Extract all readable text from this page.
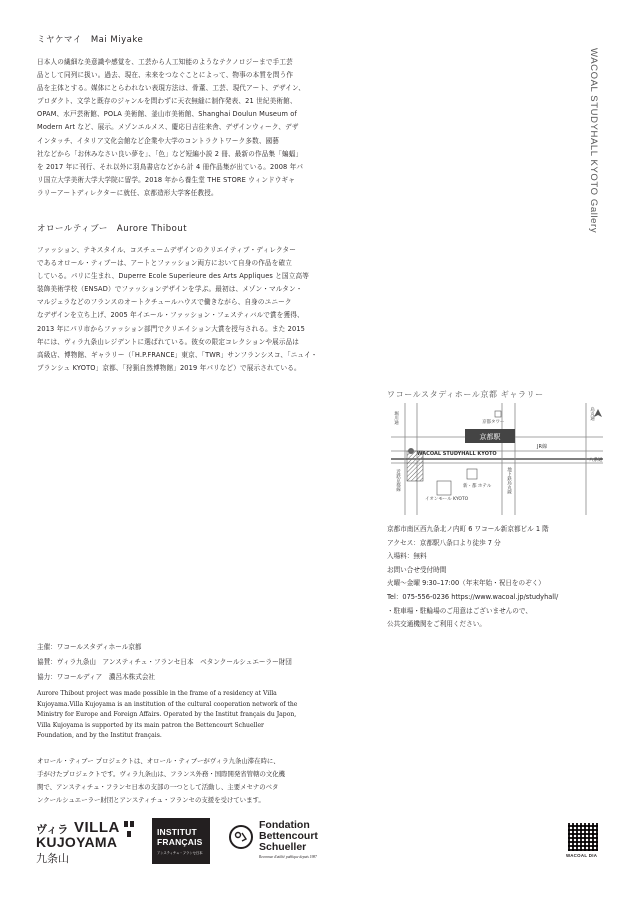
WACOAL STUDYHALL KYOTO Gallery
ミヤケマイ　Mai Miyake
日本人の繊細な美意識や感覚を、工芸から人工知能のようなテクノロジーまで手工芸
品として同列に扱い。過去、現在、未来をつなぐことによって、物事の本質を問う作
品を主体とする。媒体にとらわれない表現方法は、骨董、工芸、現代アート、デザイン、
プロダクト、文学と既存のジャンルを問わずに天衣無縫に制作発表、21 世紀美術館、
OPAM、水戸芸術館、POLA 美術館、釜山市美術館、Shanghai Doulun Museum of
Modern Art など、展示。メゾンエルメス、慶応日吉往来舎、デザインウィーク、デザ
インタッチ、イタリア文化会館など企業や大学のコントラクトワーク多数、國藝
社などから「お休みなさい良い夢を」、「色」など短編小説 2 冊、最新の作品集「蝙蝠」
を 2017 年に刊行、それ以外に羽鳥書店などから計 4 冊作品集が出ている。2008 年パ
リ国立大学美術大学大学院に留学。2018 年から養生堂 THE STORE ウィンドウギャ
ラリーアートディレクターに就任、京都造形大学客任教授。
オロールティブー　Aurore Thibout
ファッション、テキスタイル、コスチュームデザインのクリエイティブ・ディレクター
であるオロール・ティブーは、アートとファッション両方において自身の作品を確立
している。パリに生まれ、Duperre Ecole Superieure des Arts Appliques と国立高等
装飾美術学校（ENSAD）でファッションデザインを学ぶ。最初は、メゾン・マルタン・
マルジェラなどのフランスのオートクチュールハウスで働きながら、自身のユニーク
なデザインを立ち上げ、2005 年イエール・ファッション・フェスティバルで賞を獲得、
2013 年にパリ市からファッション部門でクリエイション大賞を授与される。また 2015
年には、ヴィラ九条山レジデントに選ばれている。彼女の限定コレクションや展示品は
高級店、博物館、ギャラリー（「H.P.FRANCE」東京、「TWR」サンフランシスコ、「ニュイ・
ブランシュ KYOTO」京都、「狩猟自然博物館」2019 年パリなど）で展示されている。
ワコールスタディホール京都 ギャラリー
京都駅
京都タワー
JR線
八条通
WACOAL STUDYHALL KYOTO
イオンモール KYOTO
新・都 ホテル
堀川通
近鉄京都線	地下鉄烏丸線
烏丸通
京都市南区西九条北ノ内町 6 ワコール新京都ビル 1 階
アクセス：京都駅八条口より徒歩 7 分
入場料：無料
お問い合せ受付時間
火曜～金曜 9:30–17:00（年末年始・祝日をのぞく）
Tel：075-556-0236 https://www.wacoal.jp/studyhall/
・駐車場・駐輪場のご用意はございませんので、
公共交通機関をご利用ください。
主催：ワコールスタディホール京都
協賛：ヴィラ九条山　アンスティチュ・フランセ日本　ベタンクールシュエーラー財団
協力：ワコールディア　濃呂木株式会社
Aurore Thibout project was made possible in the frame of a residency at Villa
Kujoyama.Villa Kujoyama is an institution of the cultural cooperation network of the
Ministry for Europe and Foreign Affairs. Operated by the Institut français du Japon,
Villa Kujoyama is supported by its main patron the Bettencourt Schueller
Foundation, and by the Institut français.
オロール・ティブー プロジェクトは、オロール・ティブーがヴィラ九条山滞在時に、
手がけたプロジェクトです。ヴィラ九条山は、フランス外務・国際開発省管轄の文化機
関で、アンスティチュ・フランセ日本の支部の一つとして活動し、主要メセナのベタ
ンクールシュエーラー財団とアンスティチュ・フランセの支援を受けています。
ヴィラ VILLA
KUJOYAMA
九条山
INSTITUT
FRANÇAIS
アンスティチュ・フランセ日本
Fondation
Bettencourt
Schueller
Reconnue d'utilité publique depuis 1987	WACOAL DIA
